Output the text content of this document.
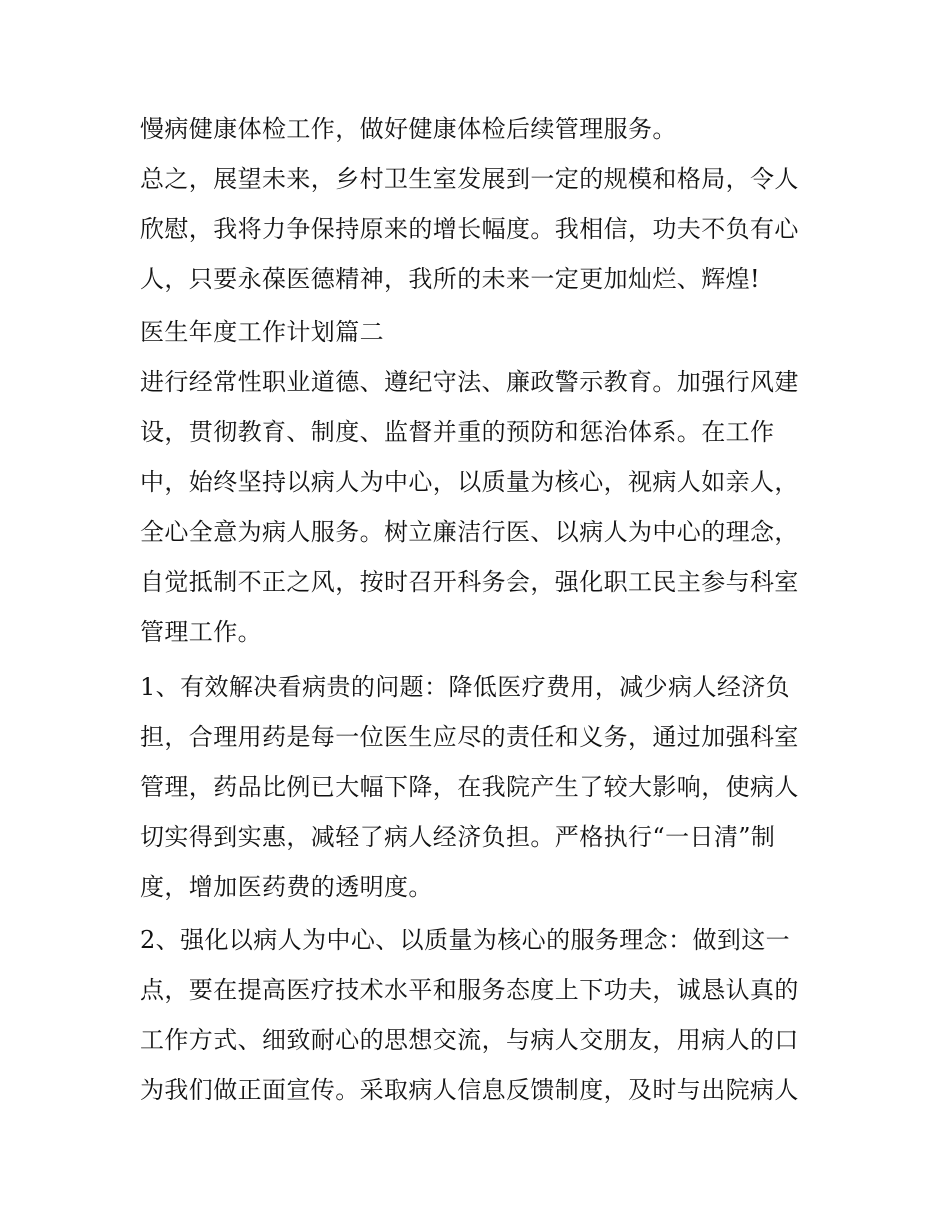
慢病健康体检工作，做好健康体检后续管理服务。
总之，展望未来，乡村卫生室发展到一定的规模和格局，令人
欣慰，我将力争保持原来的增长幅度。我相信，功夫不负有心
人，只要永葆医德精神，我所的未来一定更加灿烂、辉煌!
医生年度工作计划篇二
进行经常性职业道德、遵纪守法、廉政警示教育。加强行风建
设，贯彻教育、制度、监督并重的预防和惩治体系。在工作
中，始终坚持以病人为中心，以质量为核心，视病人如亲人，
全心全意为病人服务。树立廉洁行医、以病人为中心的理念，
自觉抵制不正之风，按时召开科务会，强化职工民主参与科室
管理工作。
1、有效解决看病贵的问题：降低医疗费用，减少病人经济负
担，合理用药是每一位医生应尽的责任和义务，通过加强科室
管理，药品比例已大幅下降，在我院产生了较大影响，使病人
切实得到实惠，减轻了病人经济负担。严格执行“一日清”制
度，增加医药费的透明度。
2、强化以病人为中心、以质量为核心的服务理念：做到这一
点，要在提高医疗技术水平和服务态度上下功夫，诚恳认真的
工作方式、细致耐心的思想交流，与病人交朋友，用病人的口
为我们做正面宣传。采取病人信息反馈制度，及时与出院病人
